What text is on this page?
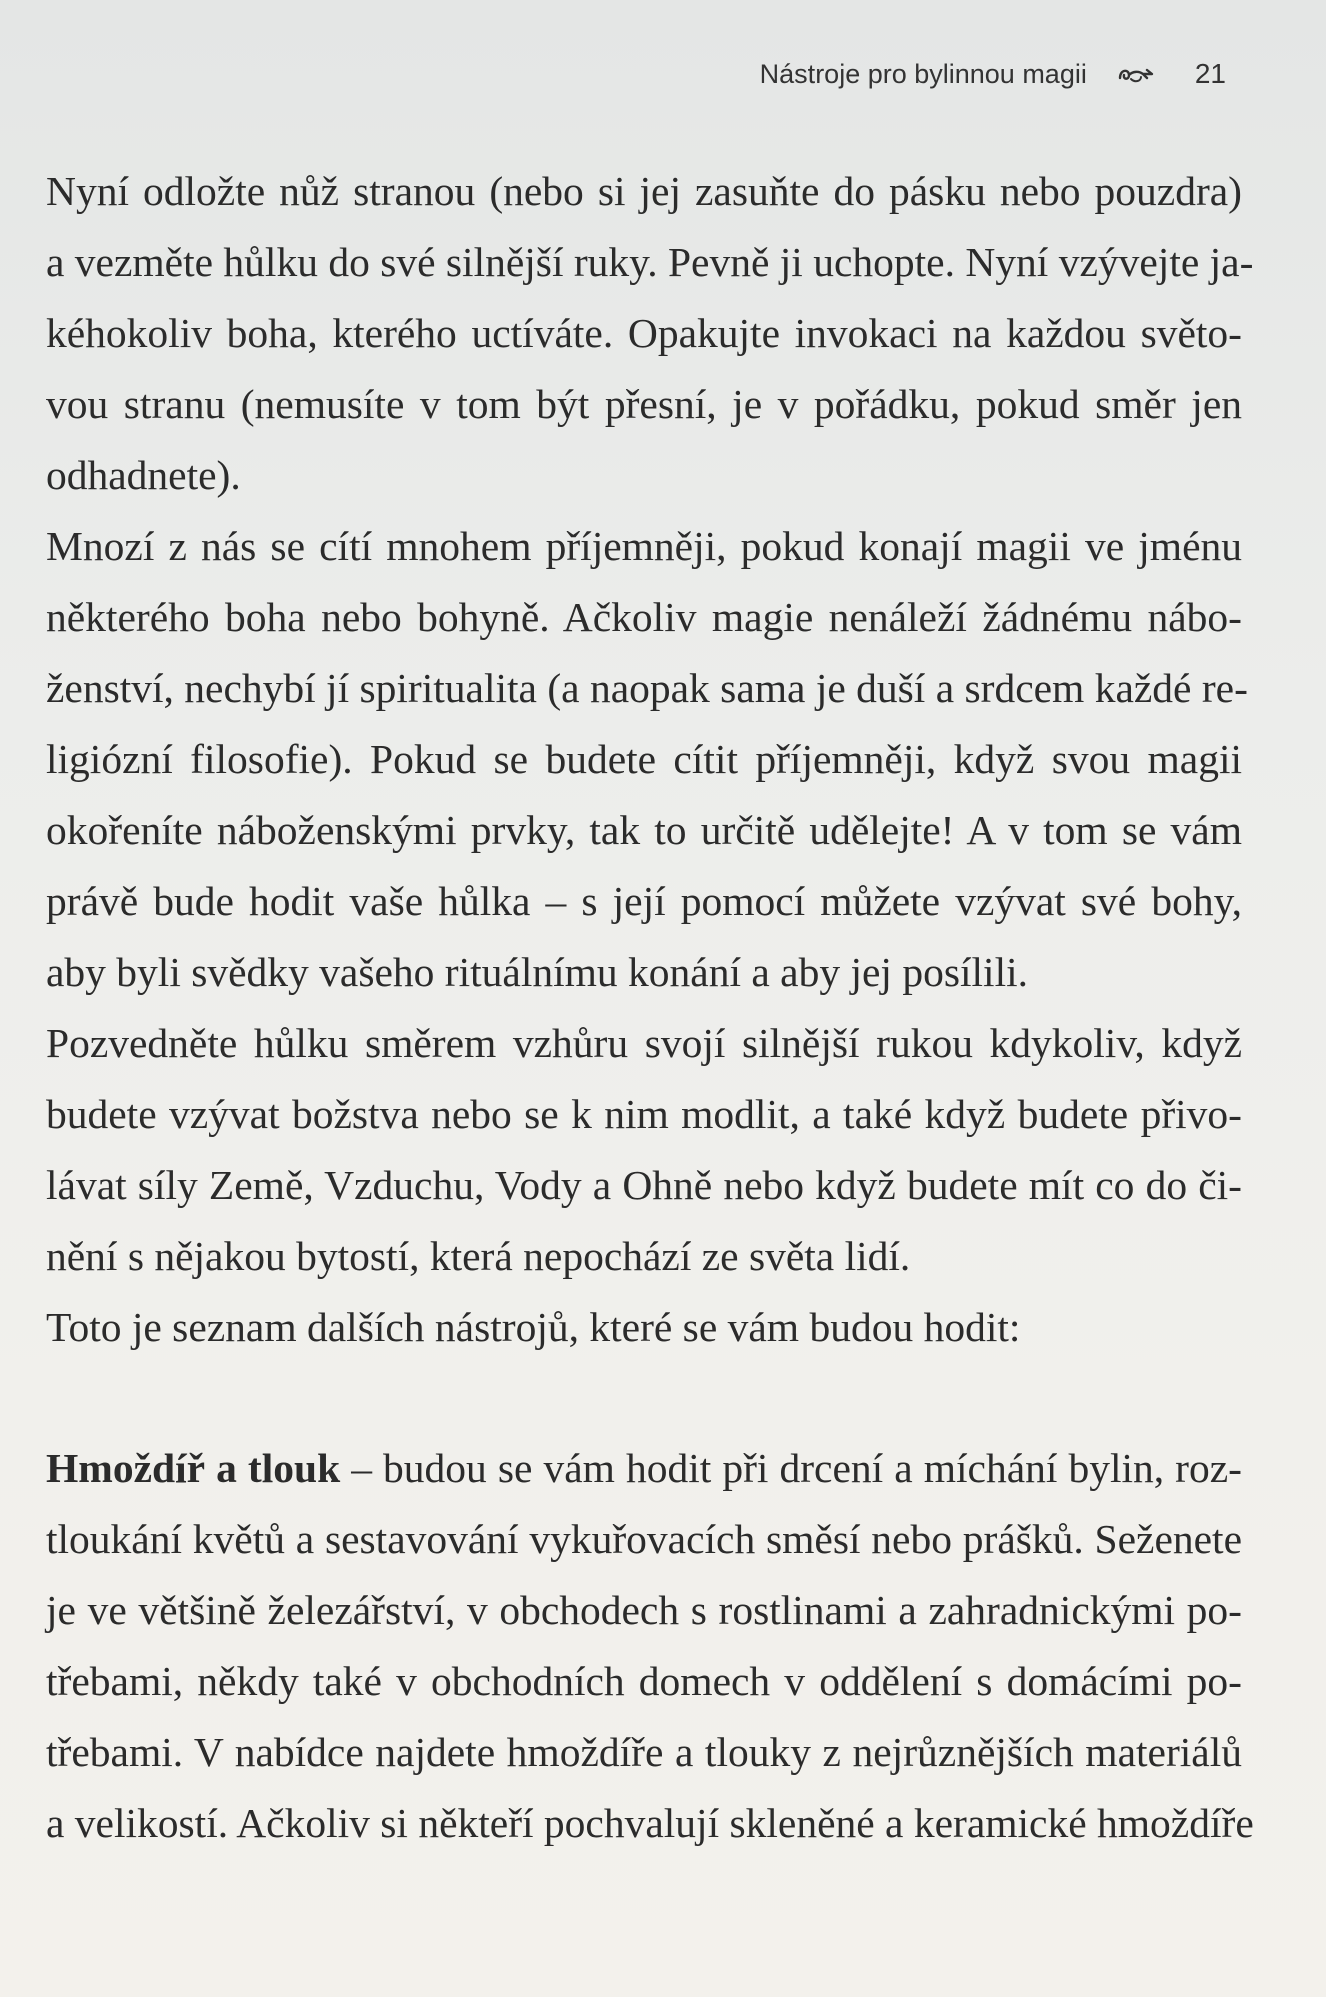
Nástroje pro bylinnou magii	21

Nyní odložte nůž stranou (nebo si jej zasuňte do pásku nebo pouzdra)
a vezměte hůlku do své silnější ruky. Pevně ji uchopte. Nyní vzývejte ja-
kéhokoliv boha, kterého uctíváte. Opakujte invokaci na každou světo-
vou stranu (nemusíte v tom být přesní, je v pořádku, pokud směr jen
odhadnete).

Mnozí z nás se cítí mnohem příjemněji, pokud konají magii ve jménu
některého boha nebo bohyně. Ačkoliv magie nenáleží žádnému nábo-
ženství, nechybí jí spiritualita (a naopak sama je duší a srdcem každé re-
ligiózní filosofie). Pokud se budete cítit příjemněji, když svou magii
okořeníte náboženskými prvky, tak to určitě udělejte! A v tom se vám
právě bude hodit vaše hůlka – s její pomocí můžete vzývat své bohy,
aby byli svědky vašeho rituálnímu konání a aby jej posílili.

Pozvedněte hůlku směrem vzhůru svojí silnější rukou kdykoliv, když
budete vzývat božstva nebo se k nim modlit, a také když budete přivo-
lávat síly Země, Vzduchu, Vody a Ohně nebo když budete mít co do či-
nění s nějakou bytostí, která nepochází ze světa lidí.

Toto je seznam dalších nástrojů, které se vám budou hodit:

Hmoždíř a tlouk – budou se vám hodit při drcení a míchání bylin, roz-
tloukání květů a sestavování vykuřovacích směsí nebo prášků. Seženete
je ve většině železářství, v obchodech s rostlinami a zahradnickými po-
třebami, někdy také v obchodních domech v oddělení s domácími po-
třebami. V nabídce najdete hmoždíře a tlouky z nejrůznějších materiálů
a velikostí. Ačkoliv si někteří pochvalují skleněné a keramické hmoždíře
